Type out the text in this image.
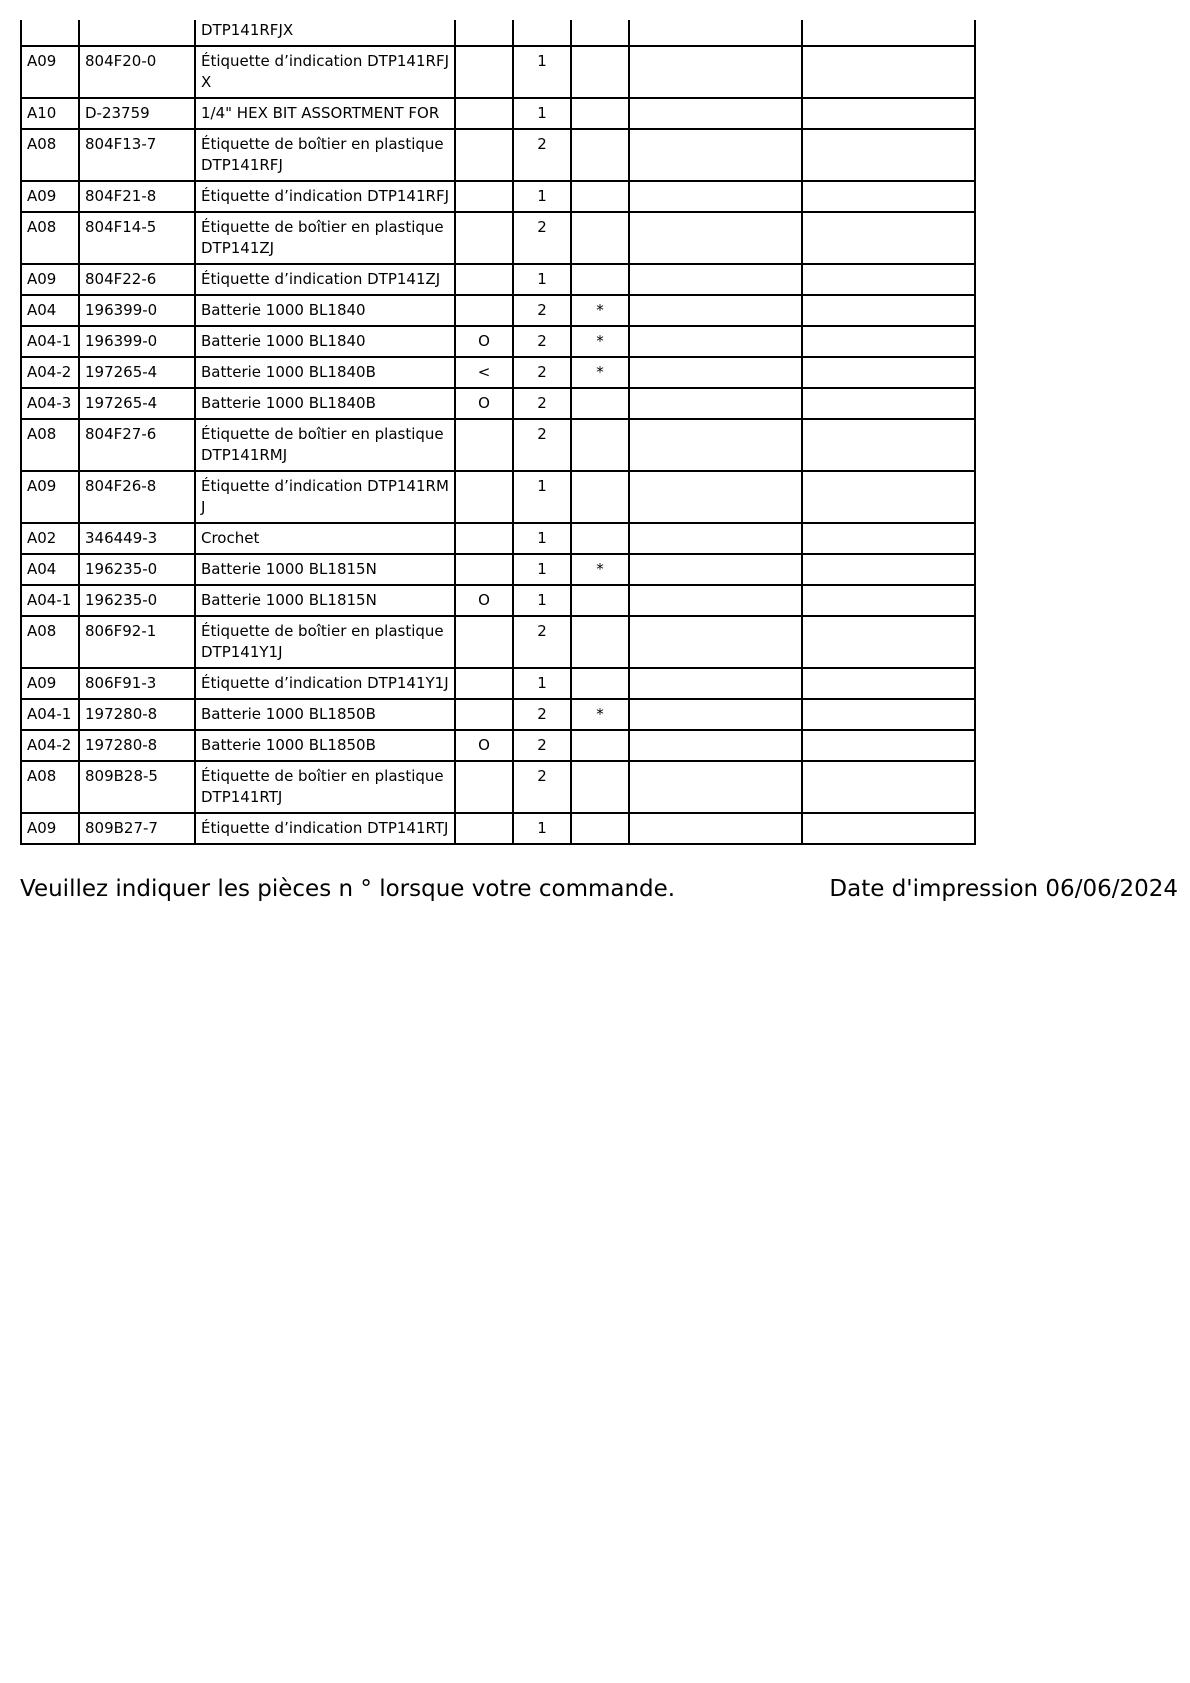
		DTP141RFJX					
A09	804F20-0	Étiquette d’indication DTP141RFJX		1			
A10	D-23759	1/4" HEX BIT ASSORTMENT FOR		1			
A08	804F13-7	Étiquette de boîtier en plastique DTP141RFJ		2			
A09	804F21-8	Étiquette d’indication DTP141RFJ		1			
A08	804F14-5	Étiquette de boîtier en plastique DTP141ZJ		2			
A09	804F22-6	Étiquette d’indication DTP141ZJ		1			
A04	196399-0	Batterie 1000 BL1840		2	*		
A04-1	196399-0	Batterie 1000 BL1840	O	2	*		
A04-2	197265-4	Batterie 1000 BL1840B	<	2	*		
A04-3	197265-4	Batterie 1000 BL1840B	O	2			
A08	804F27-6	Étiquette de boîtier en plastique DTP141RMJ		2			
A09	804F26-8	Étiquette d’indication DTP141RMJ		1			
A02	346449-3	Crochet		1			
A04	196235-0	Batterie 1000 BL1815N		1	*		
A04-1	196235-0	Batterie 1000 BL1815N	O	1			
A08	806F92-1	Étiquette de boîtier en plastique DTP141Y1J		2			
A09	806F91-3	Étiquette d’indication DTP141Y1J		1			
A04-1	197280-8	Batterie 1000 BL1850B		2	*		
A04-2	197280-8	Batterie 1000 BL1850B	O	2			
A08	809B28-5	Étiquette de boîtier en plastique DTP141RTJ		2			
A09	809B27-7	Étiquette d’indication DTP141RTJ		1			
Veuillez indiquer les pièces n ° lorsque votre commande.	Date d'impression 06/06/2024
